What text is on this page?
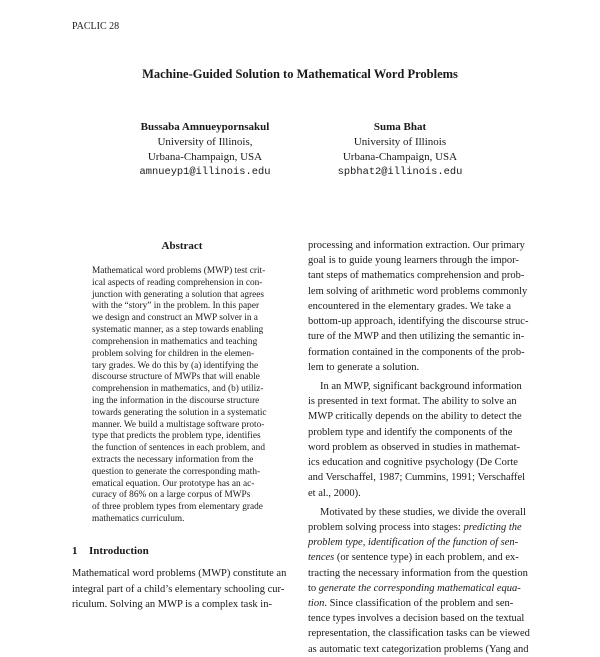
PACLIC 28
Machine-Guided Solution to Mathematical Word Problems
Bussaba Amnueypornsakul
University of Illinois,
Urbana-Champaign, USA
amnueyp1@illinois.edu
Suma Bhat
University of Illinois
Urbana-Champaign, USA
spbhat2@illinois.edu
Abstract
Mathematical word problems (MWP) test crit-
ical aspects of reading comprehension in con-
junction with generating a solution that agrees
with the “story” in the problem. In this paper
we design and construct an MWP solver in a
systematic manner, as a step towards enabling
comprehension in mathematics and teaching
problem solving for children in the elemen-
tary grades. We do this by (a) identifying the
discourse structure of MWPs that will enable
comprehension in mathematics, and (b) utiliz-
ing the information in the discourse structure
towards generating the solution in a systematic
manner. We build a multistage software proto-
type that predicts the problem type, identifies
the function of sentences in each problem, and
extracts the necessary information from the
question to generate the corresponding math-
ematical equation. Our prototype has an ac-
curacy of 86% on a large corpus of MWPs
of three problem types from elementary grade
mathematics curriculum.
1 Introduction
Mathematical word problems (MWP) constitute an
integral part of a child’s elementary schooling cur-
riculum. Solving an MWP is a complex task in-
processing and information extraction. Our primary
goal is to guide young learners through the impor-
tant steps of mathematics comprehension and prob-
lem solving of arithmetic word problems commonly
encountered in the elementary grades. We take a
bottom-up approach, identifying the discourse struc-
ture of the MWP and then utilizing the semantic in-
formation contained in the components of the prob-
lem to generate a solution.
In an MWP, significant background information
is presented in text format. The ability to solve an
MWP critically depends on the ability to detect the
problem type and identify the components of the
word problem as observed in studies in mathemat-
ics education and cognitive psychology (De Corte
and Verschaffel, 1987; Cummins, 1991; Verschaffel
et al., 2000).
Motivated by these studies, we divide the overall
problem solving process into stages: predicting the
problem type, identification of the function of sen-
tences (or sentence type) in each problem, and ex-
tracting the necessary information from the question
to generate the corresponding mathematical equa-
tion. Since classification of the problem and sen-
tence types involves a decision based on the textual
representation, the classification tasks can be viewed
as automatic text categorization problems (Yang and
